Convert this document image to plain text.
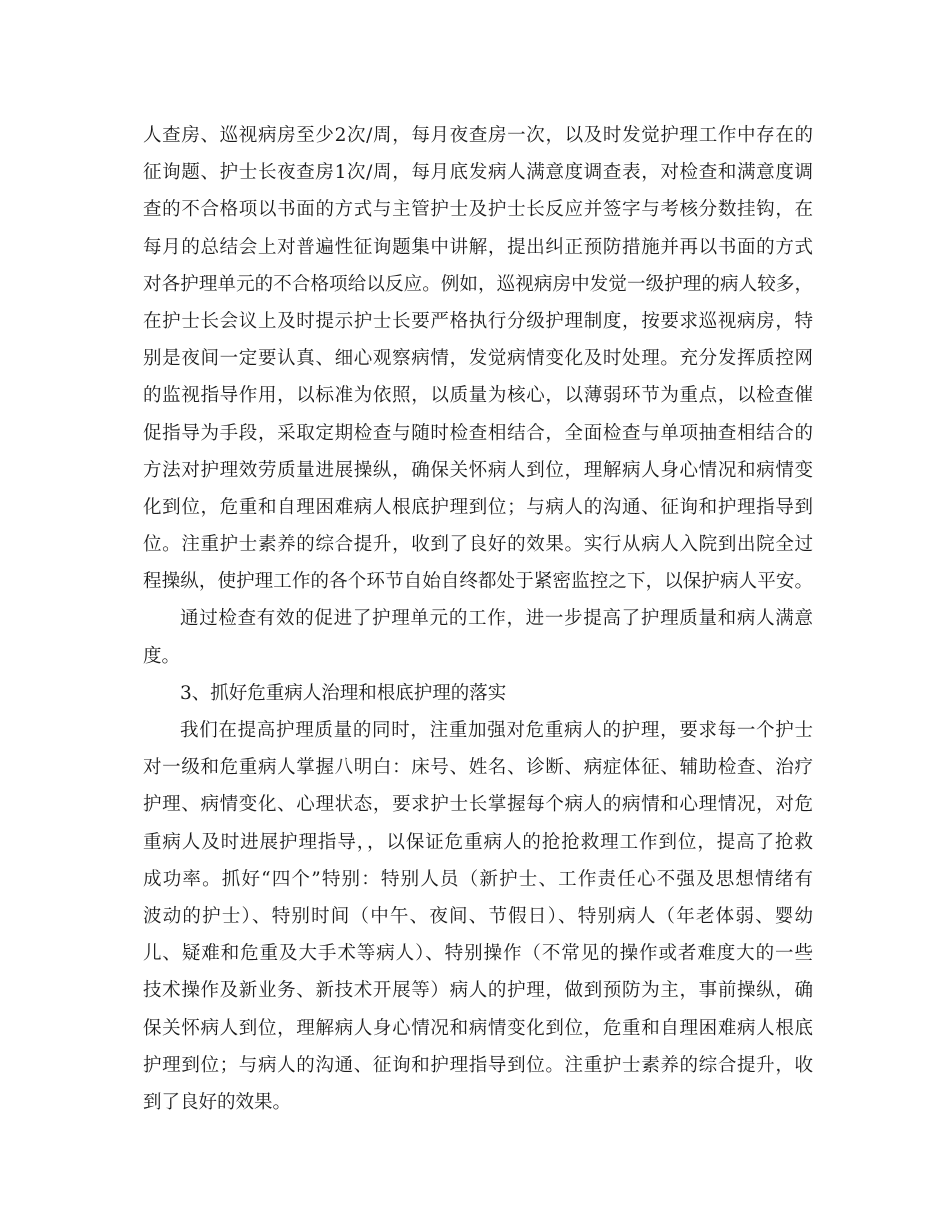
人查房、巡视病房至少2次/周，每月夜查房一次，以及时发觉护理工作中存在的
征询题、护士长夜查房1次/周，每月底发病人满意度调查表，对检查和满意度调
查的不合格项以书面的方式与主管护士及护士长反应并签字与考核分数挂钩，在
每月的总结会上对普遍性征询题集中讲解，提出纠正预防措施并再以书面的方式
对各护理单元的不合格项给以反应。例如，巡视病房中发觉一级护理的病人较多，
在护士长会议上及时提示护士长要严格执行分级护理制度，按要求巡视病房，特
别是夜间一定要认真、细心观察病情，发觉病情变化及时处理。充分发挥质控网
的监视指导作用，以标准为依照，以质量为核心，以薄弱环节为重点，以检查催
促指导为手段，采取定期检查与随时检查相结合，全面检查与单项抽查相结合的
方法对护理效劳质量进展操纵，确保关怀病人到位，理解病人身心情况和病情变
化到位，危重和自理困难病人根底护理到位；与病人的沟通、征询和护理指导到
位。注重护士素养的综合提升，收到了良好的效果。实行从病人入院到出院全过
程操纵，使护理工作的各个环节自始自终都处于紧密监控之下，以保护病人平安。
通过检查有效的促进了护理单元的工作，进一步提高了护理质量和病人满意
度。
3、抓好危重病人治理和根底护理的落实
我们在提高护理质量的同时，注重加强对危重病人的护理，要求每一个护士
对一级和危重病人掌握八明白：床号、姓名、诊断、病症体征、辅助检查、治疗
护理、病情变化、心理状态，要求护士长掌握每个病人的病情和心理情况，对危
重病人及时进展护理指导，，以保证危重病人的抢抢救理工作到位，提高了抢救
成功率。抓好“四个”特别：特别人员（新护士、工作责任心不强及思想情绪有
波动的护士）、特别时间（中午、夜间、节假日）、特别病人（年老体弱、婴幼
儿、疑难和危重及大手术等病人）、特别操作（不常见的操作或者难度大的一些
技术操作及新业务、新技术开展等）病人的护理，做到预防为主，事前操纵，确
保关怀病人到位，理解病人身心情况和病情变化到位，危重和自理困难病人根底
护理到位；与病人的沟通、征询和护理指导到位。注重护士素养的综合提升，收
到了良好的效果。
